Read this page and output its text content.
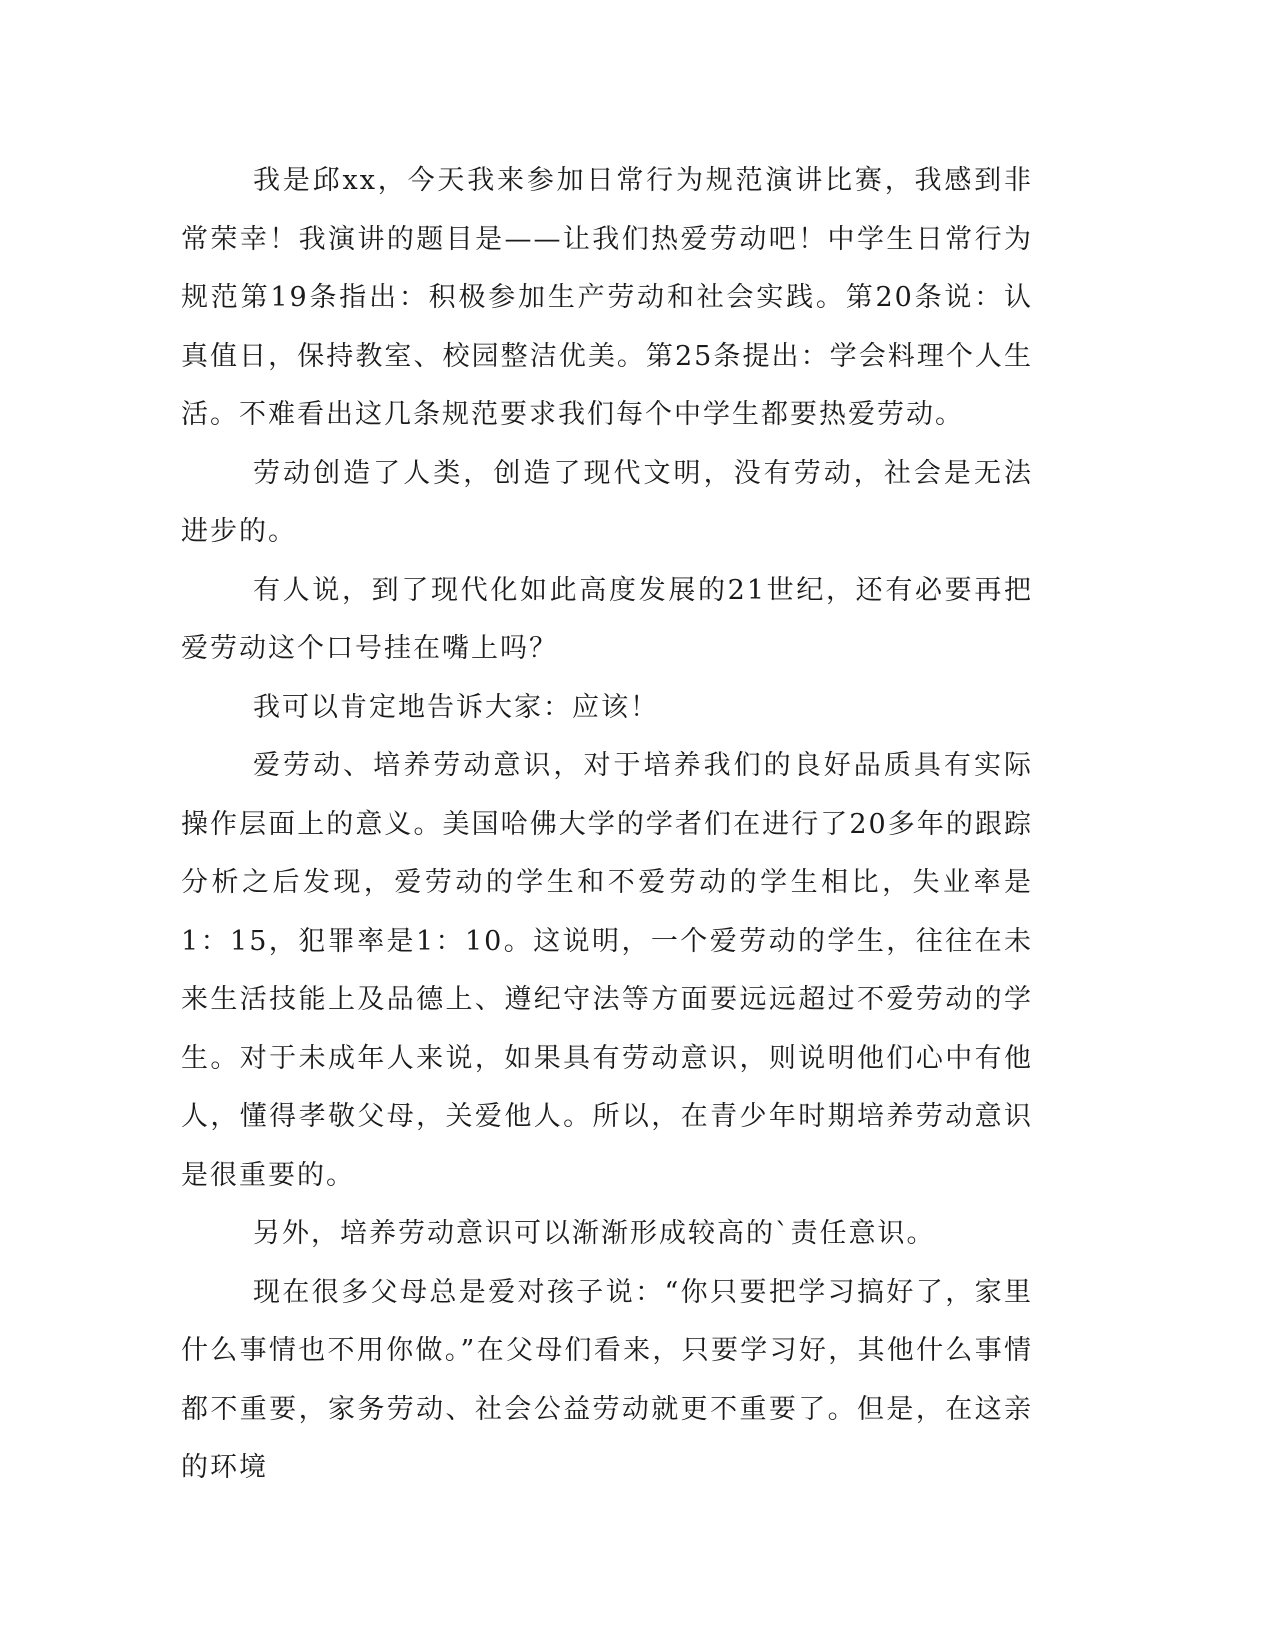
我是邱xx，今天我来参加日常行为规范演讲比赛，我感到非常荣幸！我演讲的题目是——让我们热爱劳动吧！中学生日常行为规范第19条指出：积极参加生产劳动和社会实践。第20条说：认真值日，保持教室、校园整洁优美。第25条提出：学会料理个人生活。不难看出这几条规范要求我们每个中学生都要热爱劳动。

劳动创造了人类，创造了现代文明，没有劳动，社会是无法进步的。

有人说，到了现代化如此高度发展的21世纪，还有必要再把爱劳动这个口号挂在嘴上吗？

我可以肯定地告诉大家：应该！

爱劳动、培养劳动意识，对于培养我们的良好品质具有实际操作层面上的意义。美国哈佛大学的学者们在进行了20多年的跟踪分析之后发现，爱劳动的学生和不爱劳动的学生相比，失业率是1：15，犯罪率是1：10。这说明，一个爱劳动的学生，往往在未来生活技能上及品德上、遵纪守法等方面要远远超过不爱劳动的学生。对于未成年人来说，如果具有劳动意识，则说明他们心中有他人，懂得孝敬父母，关爱他人。所以，在青少年时期培养劳动意识是很重要的。

另外，培养劳动意识可以渐渐形成较高的`责任意识。

现在很多父母总是爱对孩子说：“你只要把学习搞好了，家里什么事情也不用你做。”在父母们看来，只要学习好，其他什么事情都不重要，家务劳动、社会公益劳动就更不重要了。但是，在这亲的环境
